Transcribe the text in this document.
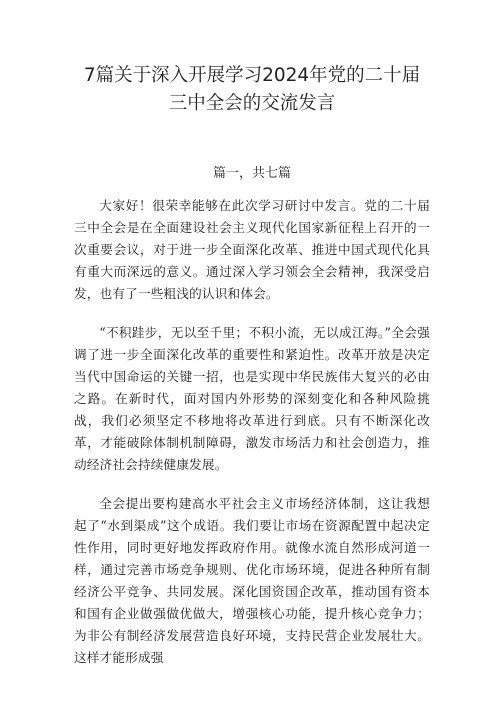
7篇关于深入开展学习2024年党的二十届
三中全会的交流发言
篇一，共七篇

大家好！很荣幸能够在此次学习研讨中发言。党的二十届三中全会是在全面建设社会主义现代化国家新征程上召开的一次重要会议，对于进一步全面深化改革、推进中国式现代化具有重大而深远的意义。通过深入学习领会全会精神，我深受启发，也有了一些粗浅的认识和体会。

“不积跬步，无以至千里；不积小流，无以成江海。”全会强调了进一步全面深化改革的重要性和紧迫性。改革开放是决定当代中国命运的关键一招，也是实现中华民族伟大复兴的必由之路。在新时代，面对国内外形势的深刻变化和各种风险挑战，我们必须坚定不移地将改革进行到底。只有不断深化改革，才能破除体制机制障碍，激发市场活力和社会创造力，推动经济社会持续健康发展。

全会提出要构建高水平社会主义市场经济体制，这让我想起了“水到渠成”这个成语。我们要让市场在资源配置中起决定性作用，同时更好地发挥政府作用。就像水流自然形成河道一样，通过完善市场竞争规则、优化市场环境，促进各种所有制经济公平竞争、共同发展。深化国资国企改革，推动国有资本和国有企业做强做优做大，增强核心功能，提升核心竞争力；为非公有制经济发展营造良好环境，支持民营企业发展壮大。这样才能形成强
